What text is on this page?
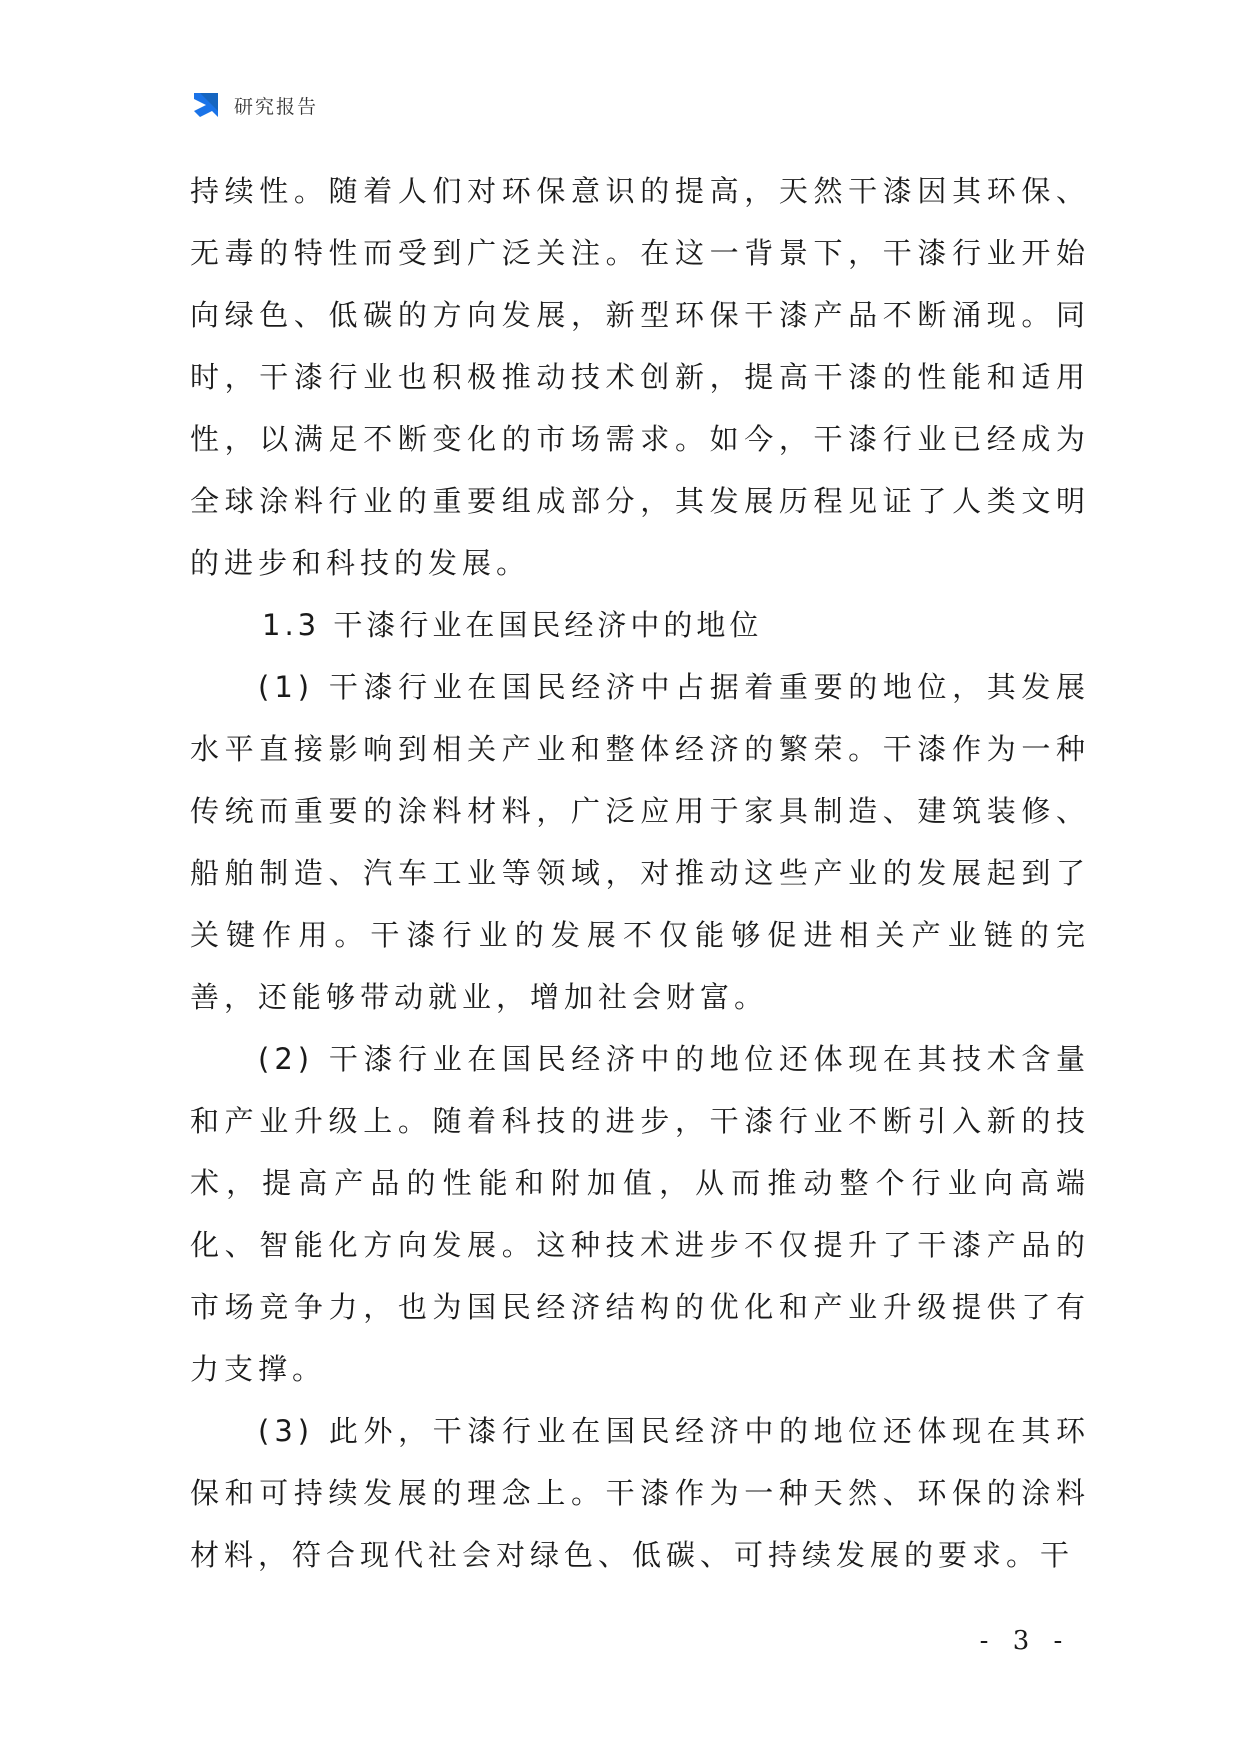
研究报告

持续性。随着人们对环保意识的提高，天然干漆因其环保、无毒的特性而受到广泛关注。在这一背景下，干漆行业开始向绿色、低碳的方向发展，新型环保干漆产品不断涌现。同时，干漆行业也积极推动技术创新，提高干漆的性能和适用性，以满足不断变化的市场需求。如今，干漆行业已经成为全球涂料行业的重要组成部分，其发展历程见证了人类文明的进步和科技的发展。

1.3 干漆行业在国民经济中的地位

(1) 干漆行业在国民经济中占据着重要的地位，其发展水平直接影响到相关产业和整体经济的繁荣。干漆作为一种传统而重要的涂料材料，广泛应用于家具制造、建筑装修、船舶制造、汽车工业等领域，对推动这些产业的发展起到了关键作用。干漆行业的发展不仅能够促进相关产业链的完善，还能够带动就业，增加社会财富。

(2) 干漆行业在国民经济中的地位还体现在其技术含量和产业升级上。随着科技的进步，干漆行业不断引入新的技术，提高产品的性能和附加值，从而推动整个行业向高端化、智能化方向发展。这种技术进步不仅提升了干漆产品的市场竞争力，也为国民经济结构的优化和产业升级提供了有力支撑。

(3) 此外，干漆行业在国民经济中的地位还体现在其环保和可持续发展的理念上。干漆作为一种天然、环保的涂料材料，符合现代社会对绿色、低碳、可持续发展的要求。干

- 3 -
